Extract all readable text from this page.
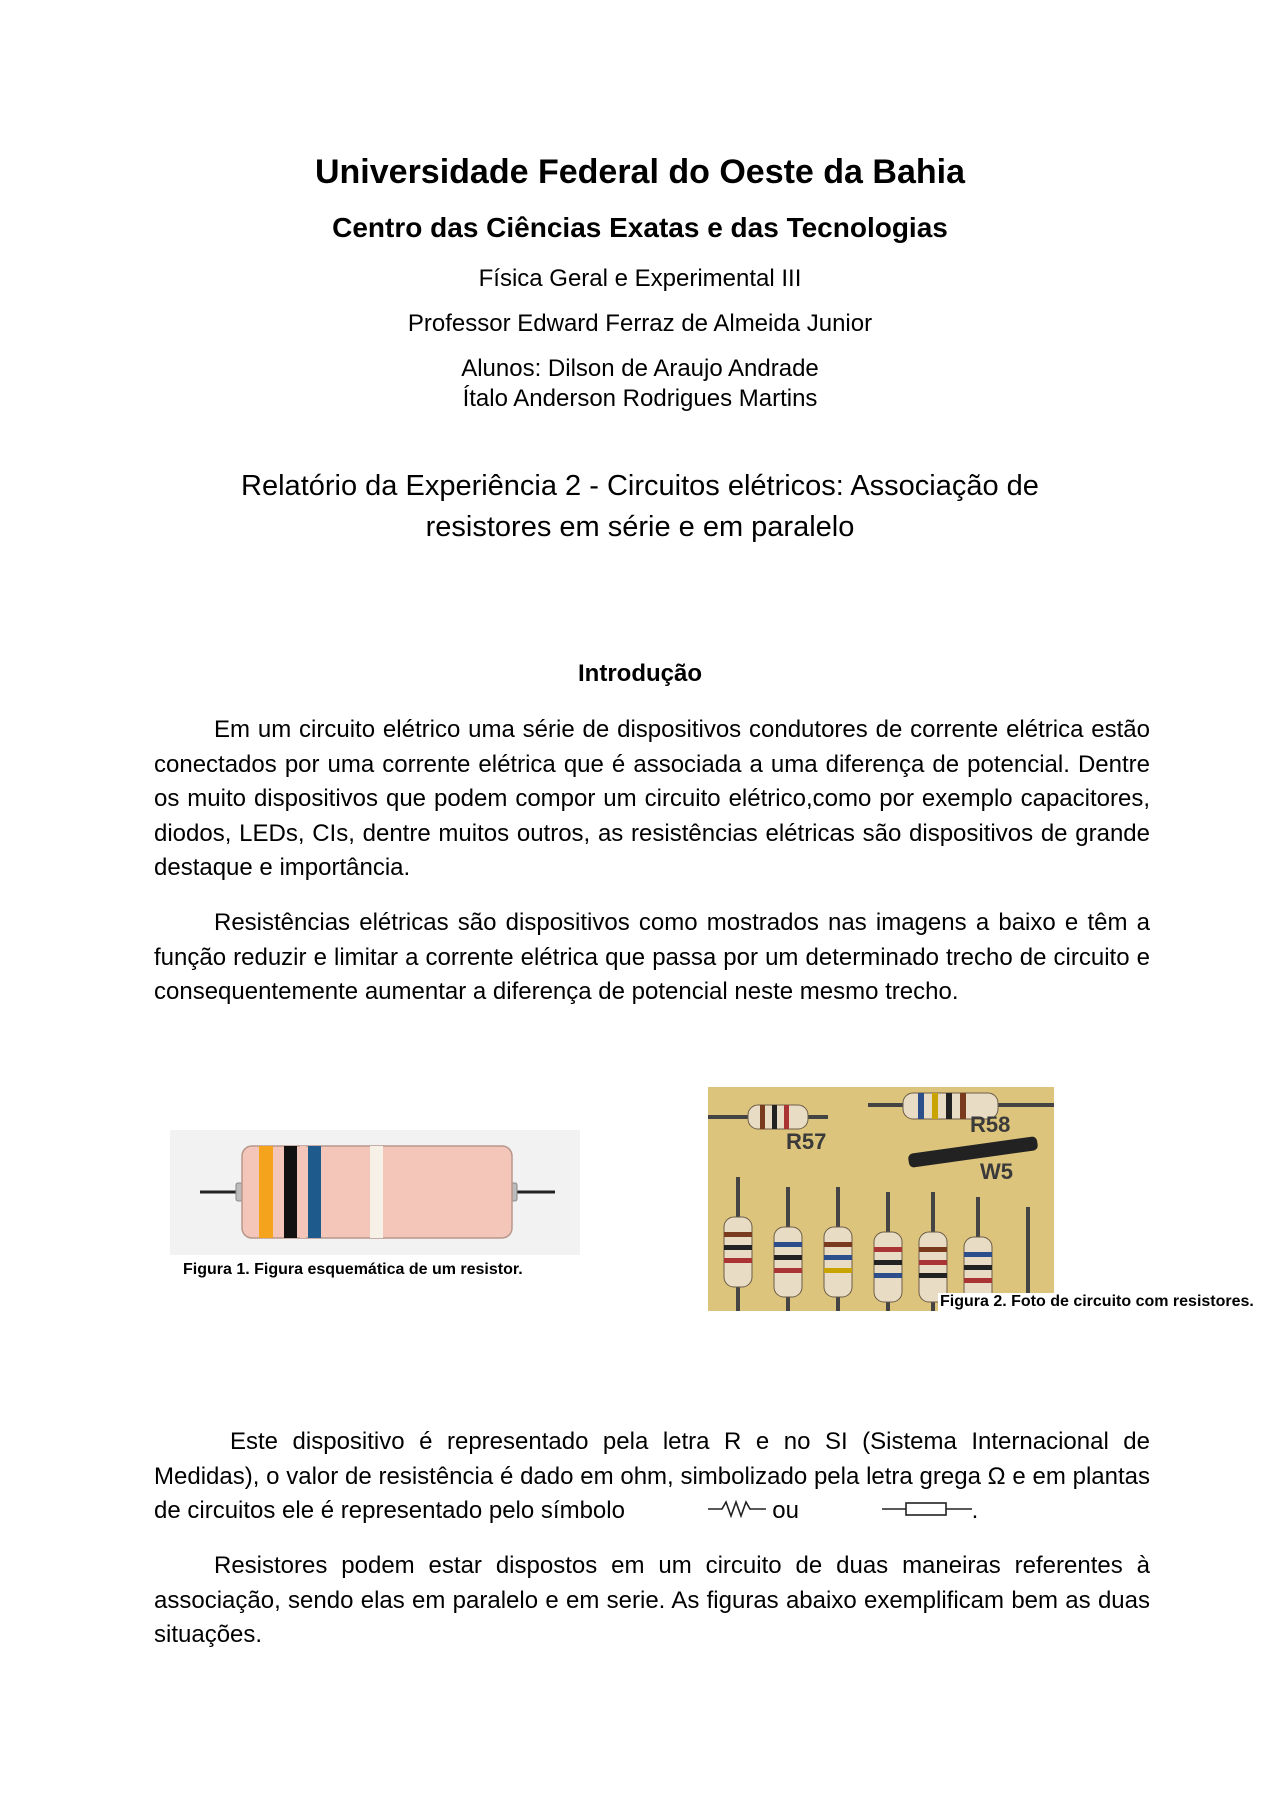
Universidade Federal do Oeste da Bahia
Centro das Ciências Exatas e das Tecnologias
Física Geral e Experimental III
Professor Edward Ferraz de Almeida Junior
Alunos: Dilson de Araujo Andrade
Ítalo Anderson Rodrigues Martins
Relatório da Experiência 2 - Circuitos elétricos: Associação de
resistores em série e em paralelo
Introdução
Em um circuito elétrico uma série de dispositivos condutores de corrente elétrica estão conectados por uma corrente elétrica que é associada a uma diferença de potencial. Dentre os muito dispositivos que podem compor um circuito elétrico,como por exemplo capacitores, diodos, LEDs, CIs, dentre muitos outros, as resistências elétricas são dispositivos de grande destaque e importância.
Resistências elétricas são dispositivos como mostrados nas imagens a baixo e têm a função reduzir e limitar a corrente elétrica que passa por um determinado trecho de circuito e consequentemente aumentar a diferença de potencial neste mesmo trecho.
Figura 1. Figura esquemática de um resistor.
R57
R58
W5
Figura 2. Foto de circuito com resistores.
Este dispositivo é representado pela letra R e no SI (Sistema Internacional de Medidas), o valor de resistência é dado em ohm, simbolizado pela letra grega Ω e em plantas de circuitos ele é representado pelo símbolo	ou	.
Resistores podem estar dispostos em um circuito de duas maneiras referentes à associação, sendo elas em paralelo e em serie. As figuras abaixo exemplificam bem as duas situações.
